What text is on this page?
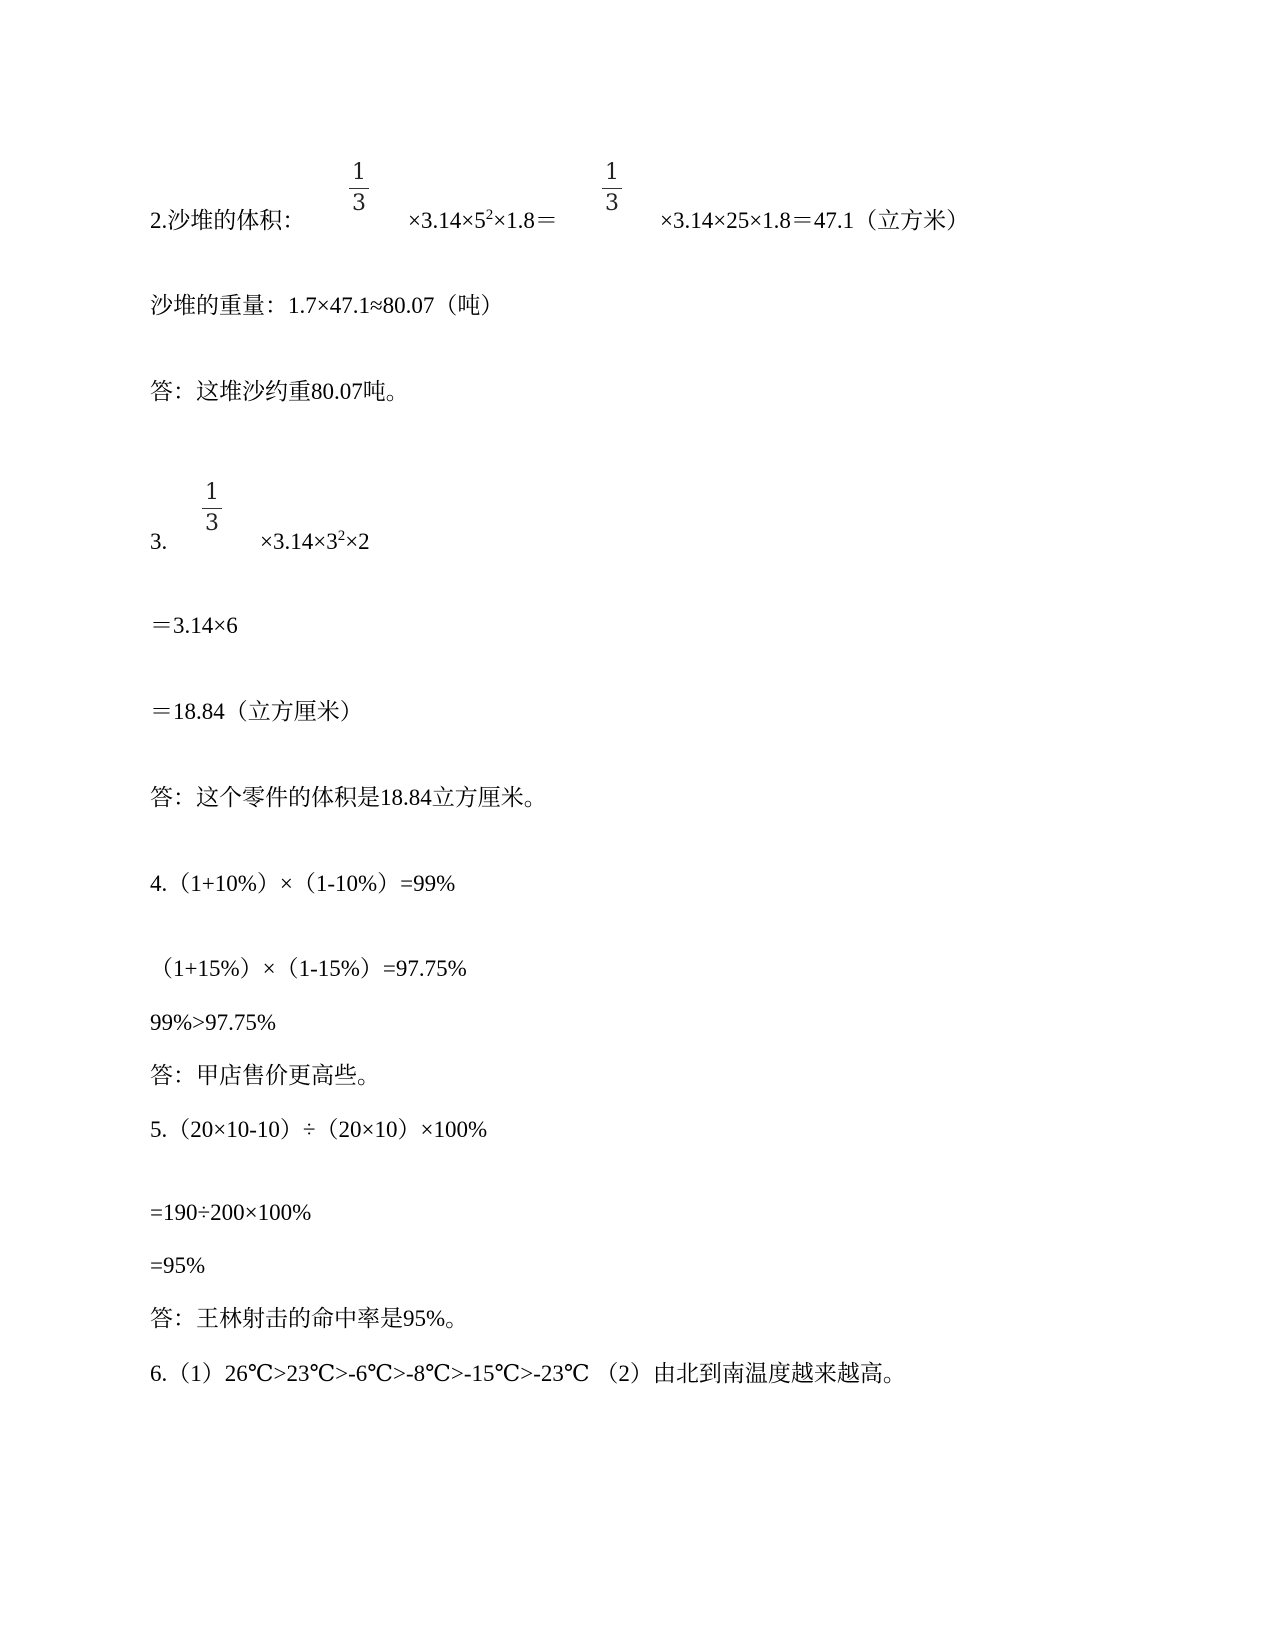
2.沙堆的体积：
1
3
$\times 3.14\times 5^2\times 1.8=$
1
3
×3.14×25×1.8＝47.1（立方米）
沙堆的重量：1.7×47.1≈80.07（吨）
答：这堆沙约重80.07吨。
3.
1
3
$\times 3.14\times 3^2\times 2$
＝3.14×6
＝18.84（立方厘米）
答：这个零件的体积是18.84立方厘米。
4.（1+10%）×（1-10%）=99%
（1+15%）×（1-15%）=97.75%
99%>97.75%
答：甲店售价更高些。
5.（20×10-10）÷（20×10）×100%
=190÷200×100%
=95%
答：王林射击的命中率是95%。
6.（1）26℃>23℃>-6℃>-8℃>-15℃>-23℃ （2）由北到南温度越来越高。
